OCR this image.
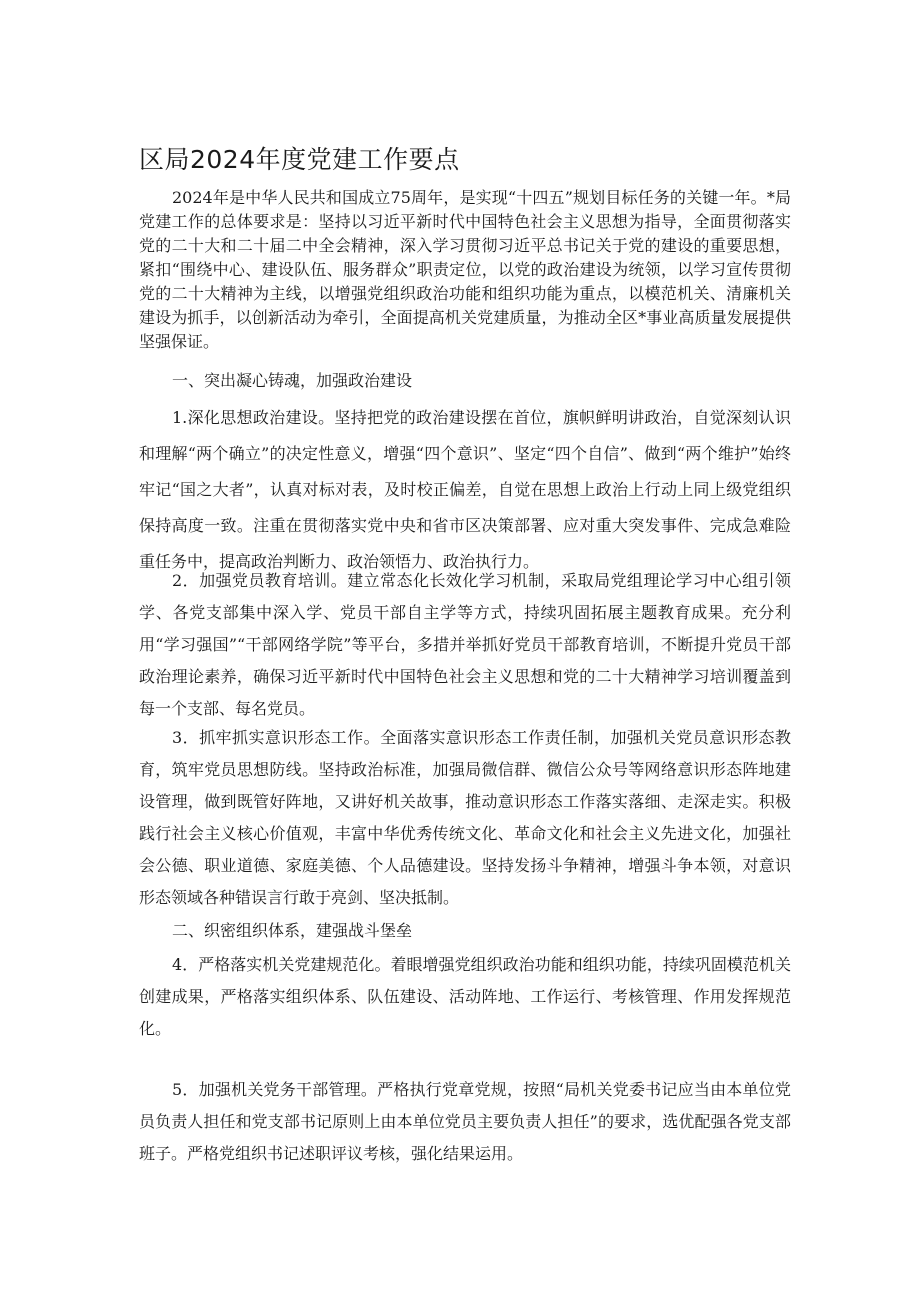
区局2024年度党建工作要点

2024年是中华人民共和国成立75周年，是实现“十四五”规划目标任务的关键一年。*局党建工作的总体要求是：坚持以习近平新时代中国特色社会主义思想为指导，全面贯彻落实党的二十大和二十届二中全会精神，深入学习贯彻习近平总书记关于党的建设的重要思想，紧扣“围绕中心、建设队伍、服务群众”职责定位，以党的政治建设为统领，以学习宣传贯彻党的二十大精神为主线，以增强党组织政治功能和组织功能为重点，以模范机关、清廉机关建设为抓手，以创新活动为牵引，全面提高机关党建质量，为推动全区*事业高质量发展提供坚强保证。

一、突出凝心铸魂，加强政治建设

1.深化思想政治建设。坚持把党的政治建设摆在首位，旗帜鲜明讲政治，自觉深刻认识和理解“两个确立”的决定性意义，增强“四个意识”、坚定“四个自信”、做到“两个维护”始终牢记“国之大者”，认真对标对表，及时校正偏差，自觉在思想上政治上行动上同上级党组织保持高度一致。注重在贯彻落实党中央和省市区决策部署、应对重大突发事件、完成急难险重任务中，提高政治判断力、政治领悟力、政治执行力。

2．加强党员教育培训。建立常态化长效化学习机制，采取局党组理论学习中心组引领学、各党支部集中深入学、党员干部自主学等方式，持续巩固拓展主题教育成果。充分利用“学习强国”“干部网络学院”等平台，多措并举抓好党员干部教育培训，不断提升党员干部政治理论素养，确保习近平新时代中国特色社会主义思想和党的二十大精神学习培训覆盖到每一个支部、每名党员。

3．抓牢抓实意识形态工作。全面落实意识形态工作责任制，加强机关党员意识形态教育，筑牢党员思想防线。坚持政治标准，加强局微信群、微信公众号等网络意识形态阵地建设管理，做到既管好阵地，又讲好机关故事，推动意识形态工作落实落细、走深走实。积极践行社会主义核心价值观，丰富中华优秀传统文化、革命文化和社会主义先进文化，加强社会公德、职业道德、家庭美德、个人品德建设。坚持发扬斗争精神，增强斗争本领，对意识形态领域各种错误言行敢于亮剑、坚决抵制。

二、织密组织体系，建强战斗堡垒

4．严格落实机关党建规范化。着眼增强党组织政治功能和组织功能，持续巩固模范机关创建成果，严格落实组织体系、队伍建设、活动阵地、工作运行、考核管理、作用发挥规范化。

5．加强机关党务干部管理。严格执行党章党规，按照“局机关党委书记应当由本单位党员负责人担任和党支部书记原则上由本单位党员主要负责人担任”的要求，选优配强各党支部班子。严格党组织书记述职评议考核，强化结果运用。
